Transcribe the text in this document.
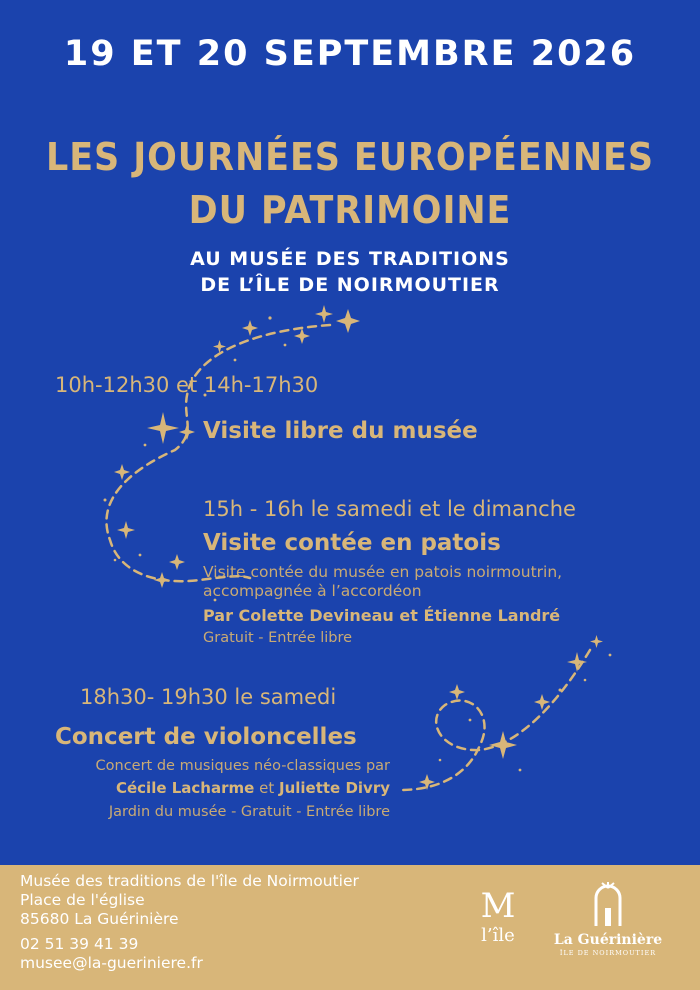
19 ET 20 SEPTEMBRE 2026
LES JOURNÉES EUROPÉENNES
DU PATRIMOINE
AU MUSÉE DES TRADITIONS
DE L’ÎLE DE NOIRMOUTIER
10h-12h30 et 14h-17h30
Visite libre du musée
15h - 16h le samedi et le dimanche
Visite contée en patois
Visite contée du musée en patois noirmoutrin,
accompagnée à l’accordéon
Par Colette Devineau et Étienne Landré
Gratuit - Entrée libre
18h30- 19h30 le samedi
Concert de violoncelles
Concert de musiques néo-classiques par
Cécile Lacharme et Juliette Divry
Jardin du musée - Gratuit - Entrée libre
Musée des traditions de l'île de Noirmoutier
Place de l'église
85680 La Guérinière
02 51 39 41 39
musee@la-gueriniere.fr
M
l’île	La Guérinière
ÎLE DE NOIRMOUTIER
